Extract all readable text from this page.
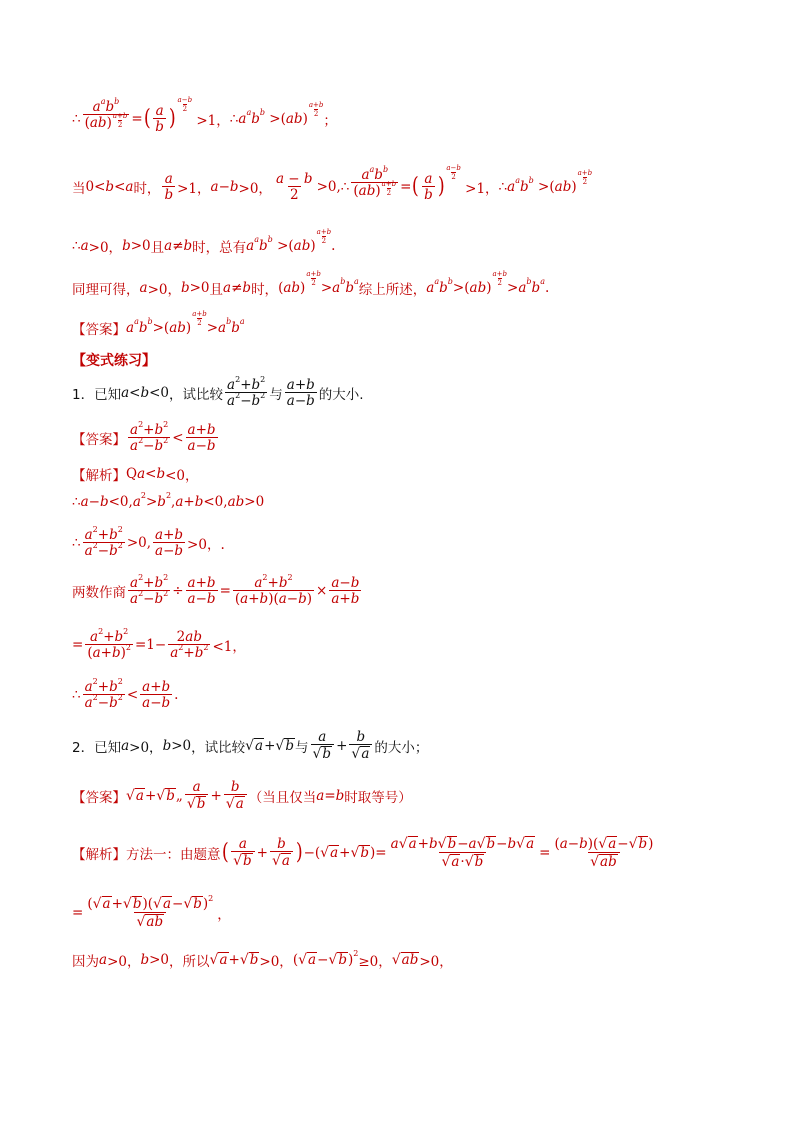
∴ $\frac{a^ab^b}{(ab) \frac{a+b}{2}}$ = ( $\frac{a}{b}$ )
$\frac{a-b}{2}$
>1， ∴ a a b b >( ab )
$\frac{a+b}{2}$
；
当 0< b < a 时， $\frac{a}{b} >1$， a − b >0， $\frac{a - b}{2} >0$, ∴ $\frac{a^ab^b}{(ab) \frac{a+b}{2}}$ = ( $\frac{a}{b}$ )
$\frac{a-b}{2}$
>1， ∴ a a b b >( ab )
$\frac{a+b}{2}$
∴ a >0， b >0 且 a ≠ b 时，总有 a a b b >( ab )
$\frac{a+b}{2}$
.
同理可得， a >0， b >0 且 a ≠ b 时， ( ab )
$\frac{a+b}{2}$
> a b b a
综上所述， a a b b >( ab )
$\frac{a+b}{2}$
> a b b a .
【答案】 a a b b >( ab )
$\frac{a+b}{2}$
> a b b a
【变式练习】
1．已知 a < b <0 ，试比较 $\frac{a^2+b^2}{a^2-b^2}$ 与 $\frac{a+b}{a-b}$ 的大小.
【答案】 $\frac{a^2+b^2}{a^2-b^2} < \frac{a+b}{a-b}$
【解析】 Q a < b <0，
∴ a − b <0, a 2 > b 2 , a + b <0, ab >0
∴ $\frac{a^2+b^2}{a^2-b^2} >0$, $\frac{a+b}{a-b} >0$，.
两数作商 $\frac{a^2+b^2}{a^2-b^2} \div \frac{a+b}{a-b} = \frac{a^2+b^2}{(a+b)(a-b)} \times \frac{a-b}{a+b}$
= $\frac{a^2+b^2}{(a+b)^2} =1- \frac{2ab}{a^2+b^2} <1$，
∴ $\frac{a^2+b^2}{a^2-b^2} < \frac{a+b}{a-b}$ .
2．已知 a >0， b >0 ，试比较 √ a + √ b 与 $\frac{a}{√ b} + \frac{b}{√ a}$ 的大小；
【答案】 √ a + √ b „ $\frac{a}{√ b} + \frac{b}{√ a}$ （当且仅当 a = b 时取等号）
【解析】 方法一：由题意 ( $\frac{a}{√ b} + \frac{b}{√ a}$ ) −( √ a + √ b )= $\frac{a √ a +b √ b -a √ b -b √ a}{√ a \cdot √ b} = \frac{(a-b)( √ a - √ b )}{√ ab}$
= $\frac{( √ a + √ b )( √ a - √ b )^2}{√ ab}$ ，
因为 a >0， b >0 ，所以 √ a + √ b >0， ( √ a − √ b ) 2
≥0， √ ab >0，
